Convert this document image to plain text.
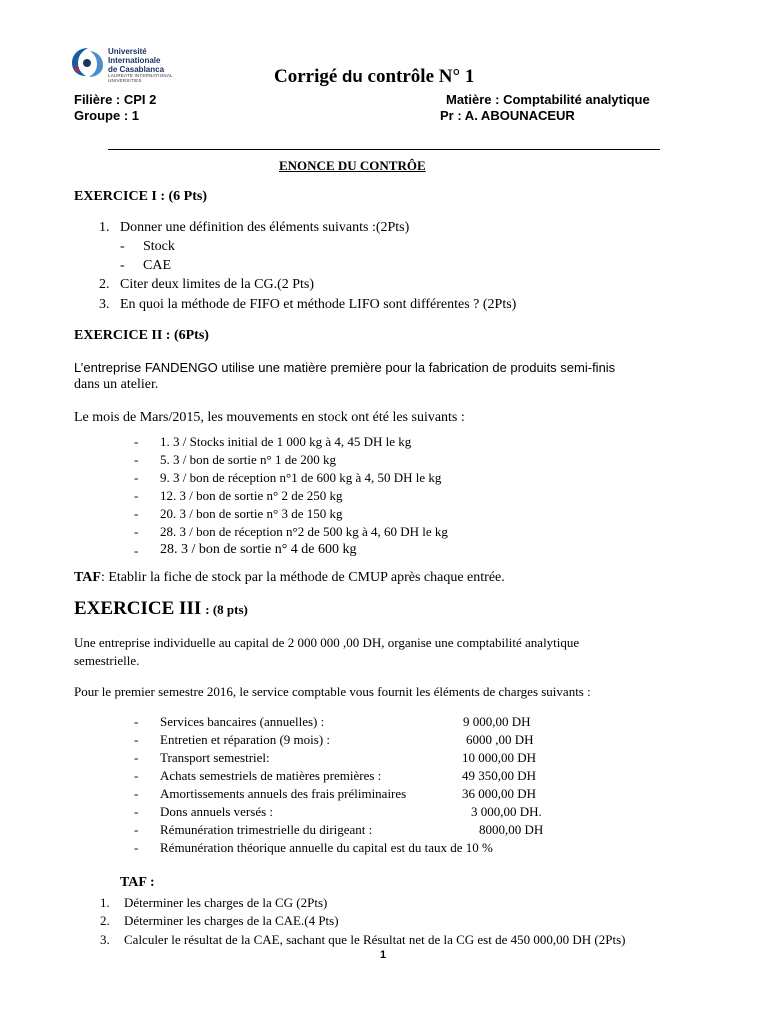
Université Internationale
de Casablanca
LAUREATE INTERNATIONAL UNIVERSITIES	Corrigé du contrôle N° 1
Filière : CPI 2
Groupe : 1
Matière : Comptabilité analytique
Pr : A. ABOUNACEUR
ENONCE DU CONTRÔE
EXERCICE I : (6 Pts)
1. Donner une définition des éléments suivants :(2Pts)
- Stock
- CAE
2. Citer deux limites de la CG.(2 Pts)
3. En quoi la méthode de FIFO et méthode LIFO sont différentes ? (2Pts)
EXERCICE II : (6Pts)
L’entreprise FANDENGO utilise une matière première pour la fabrication de produits semi-finis
dans un atelier.
Le mois de Mars/2015, les mouvements en stock ont été les suivants :
- 1. 3 / Stocks initial de 1 000 kg à 4, 45 DH le kg
- 5. 3 / bon de sortie n° 1 de 200 kg
- 9. 3 / bon de réception n°1 de 600 kg à 4, 50 DH le kg
- 12. 3 / bon de sortie n° 2 de 250 kg
- 20. 3 / bon de sortie n° 3 de 150 kg
- 28. 3 / bon de réception n°2 de 500 kg à 4, 60 DH le kg
- 28. 3 / bon de sortie n° 4 de 600 kg
TAF: Etablir la fiche de stock par la méthode de CMUP après chaque entrée.
EXERCICE III : (8 pts)
Une entreprise individuelle au capital de 2 000 000 ,00 DH, organise une comptabilité analytique
semestrielle.
Pour le premier semestre 2016, le service comptable vous fournit les éléments de charges suivants :
- Services bancaires (annuelles) :	9 000,00 DH
- Entretien et réparation (9 mois) :	6000 ,00 DH
- Transport semestriel:	10 000,00 DH
- Achats semestriels de matières premières :	49 350,00 DH
- Amortissements annuels des frais préliminaires	36 000,00 DH
- Dons annuels versés :	3 000,00 DH.
- Rémunération trimestrielle du dirigeant :	8000,00 DH
- Rémunération théorique annuelle du capital est du taux de 10 %
TAF :
1. Déterminer les charges de la CG (2Pts)
2. Déterminer les charges de la CAE.(4 Pts)
3. Calculer le résultat de la CAE, sachant que le Résultat net de la CG est de 450 000,00 DH (2Pts)
1
